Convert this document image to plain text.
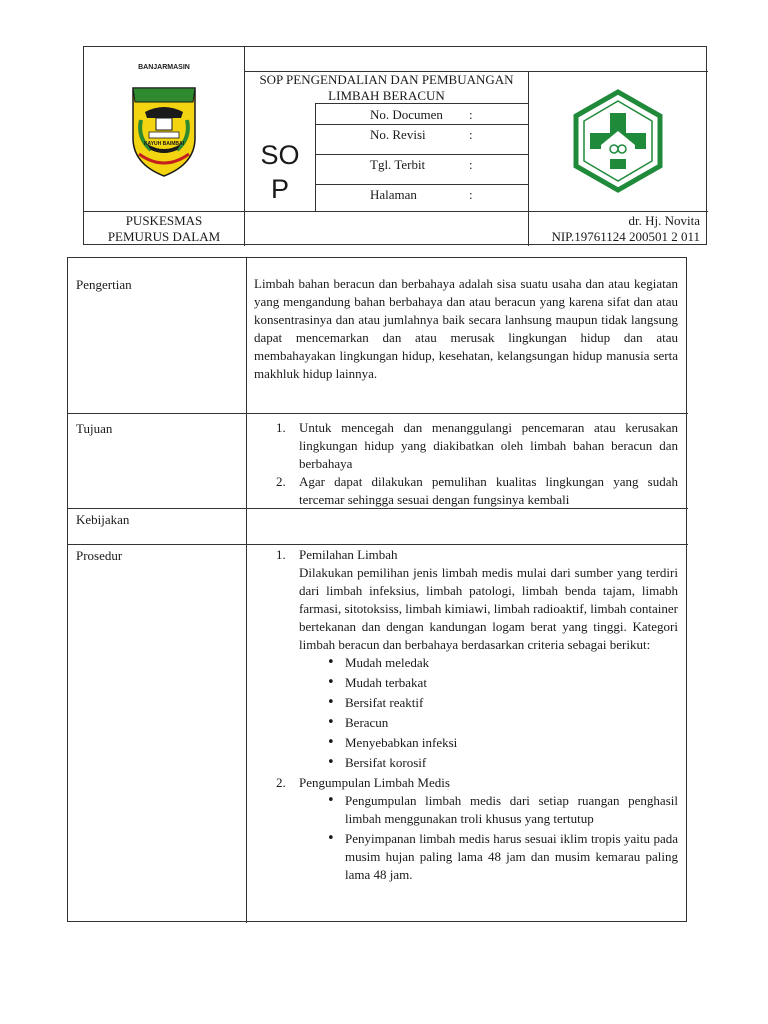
BANJARMASIN
KAYUH BAIMBAI
SOP PENGENDALIAN DAN PEMBUANGAN
LIMBAH BERACUN
SO
P
No. Documen :
No. Revisi	:
Tgl. Terbit	:
Halaman	:
PUSKESMAS
PEMURUS DALAM
dr. Hj. Novita
NIP.19761124 200501 2 011
Pengertian	Limbah bahan beracun dan berbahaya adalah sisa suatu usaha dan atau kegiatan yang mengandung bahan berbahaya dan atau beracun yang karena sifat dan atau konsentrasinya dan atau jumlahnya baik secara lanhsung maupun tidak langsung dapat mencemarkan dan atau merusak lingkungan hidup dan atau membahayakan lingkungan hidup, kesehatan, kelangsungan hidup manusia serta makhluk hidup lainnya.

Tujuan	1. Untuk mencegah dan menanggulangi pencemaran atau kerusakan lingkungan hidup yang diakibatkan oleh limbah bahan beracun dan berbahaya
2. Agar dapat dilakukan pemulihan kualitas lingkungan yang sudah tercemar sehingga sesuai dengan fungsinya kembali
Kebijakan
Prosedur	1. Pemilahan Limbah

Dilakukan pemilihan jenis limbah medis mulai dari sumber yang terdiri dari limbah infeksius, limbah patologi, limbah benda tajam, limabh farmasi, sitotoksiss, limbah kimiawi, limbah radioaktif, limbah container bertekanan dan dengan kandungan logam berat yang tinggi. Kategori limbah beracun dan berbahaya berdasarkan criteria sebagai berikut:

• Mudah meledak
• Mudah terbakat
• Bersifat reaktif
• Beracun
• Menyebabkan infeksi
• Bersifat korosif
2. Pengumpulan Limbah Medis
• Pengumpulan limbah medis dari setiap ruangan penghasil limbah menggunakan troli khusus yang tertutup
• Penyimpanan limbah medis harus sesuai iklim tropis yaitu pada musim hujan paling lama 48 jam dan musim kemarau paling lama 48 jam.
